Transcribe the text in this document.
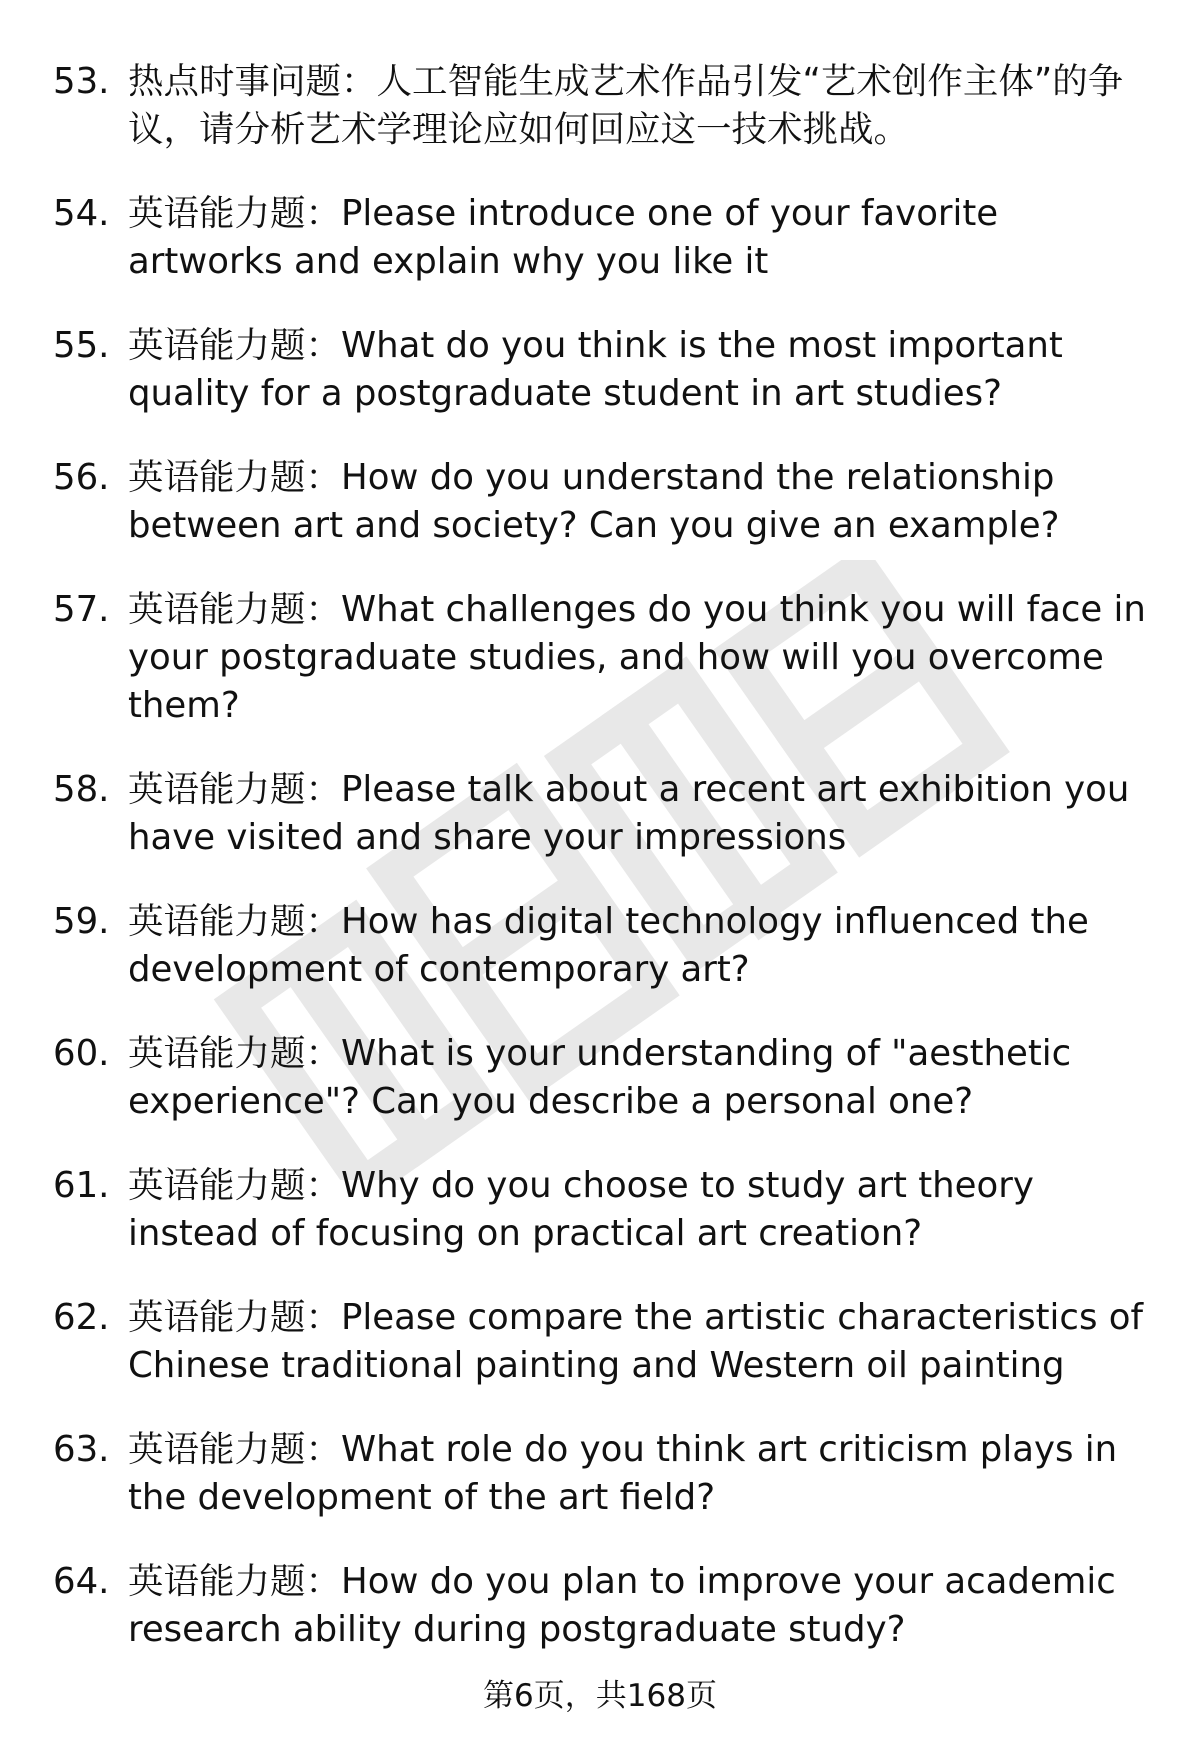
53. 热点时事问题：人工智能生成艺术作品引发“艺术创作主体”的争议，请分析艺术学理论应如何回应这一技术挑战。
54. 英语能力题：Please introduce one of your favorite artworks and explain why you like it
55. 英语能力题：What do you think is the most important quality for a postgraduate student in art studies?
56. 英语能力题：How do you understand the relationship between art and society? Can you give an example?
57. 英语能力题：What challenges do you think you will face in your postgraduate studies, and how will you overcome them?
58. 英语能力题：Please talk about a recent art exhibition you have visited and share your impressions
59. 英语能力题：How has digital technology influenced the development of contemporary art?
60. 英语能力题：What is your understanding of "aesthetic experience"? Can you describe a personal one?
61. 英语能力题：Why do you choose to study art theory instead of focusing on practical art creation?
62. 英语能力题：Please compare the artistic characteristics of Chinese traditional painting and Western oil painting
63. 英语能力题：What role do you think art criticism plays in the development of the art field?
64. 英语能力题：How do you plan to improve your academic research ability during postgraduate study?
第6页，共168页
